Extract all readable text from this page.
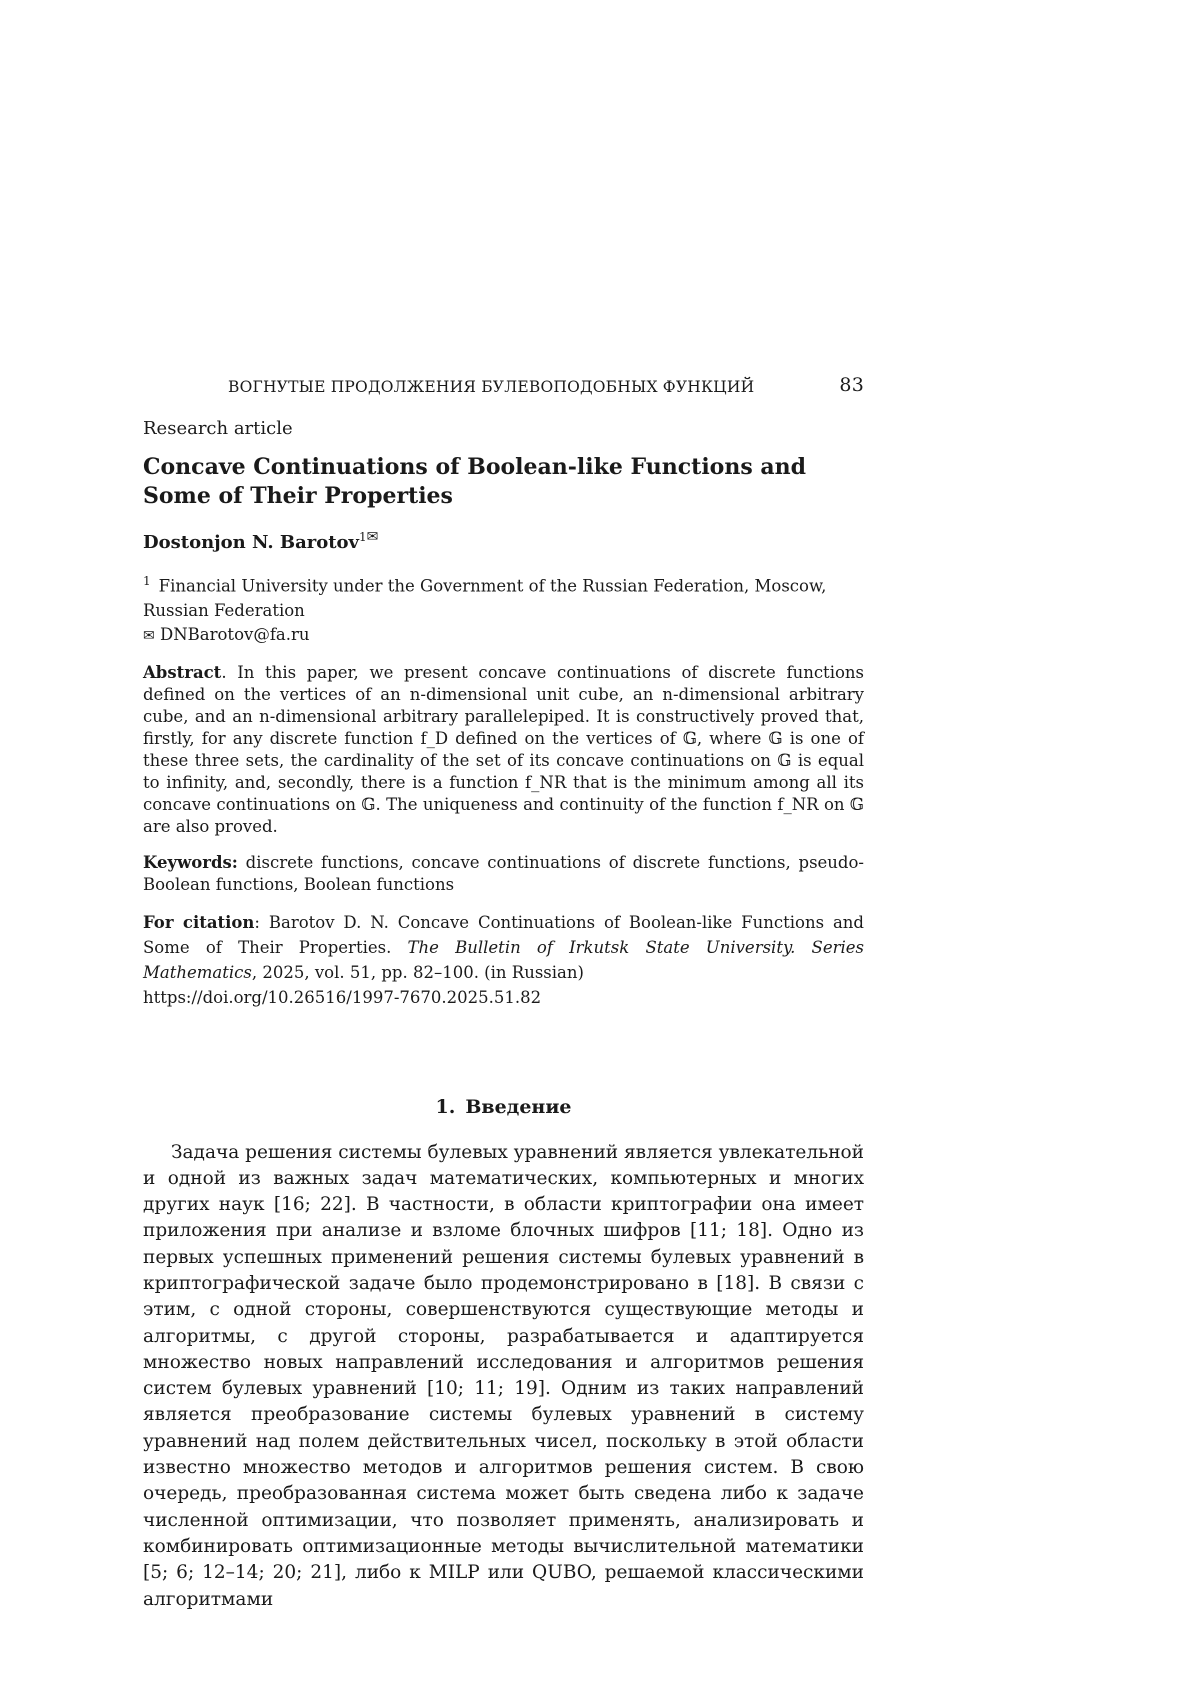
ВОГНУТЫЕ ПРОДОЛЖЕНИЯ БУЛЕВОПОДОБНЫХ ФУНКЦИЙ	83
Research article
Concave Continuations of Boolean-like Functions and Some of Their Properties
Dostonjon N. Barotov$^{1✉}$
$^1$ Financial University under the Government of the Russian Federation, Moscow, Russian Federation
✉ DNBarotov@fa.ru
Abstract. In this paper, we present concave continuations of discrete functions defined on the vertices of an n-dimensional unit cube, an n-dimensional arbitrary cube, and an n-dimensional arbitrary parallelepiped. It is constructively proved that, firstly, for any discrete function f_D defined on the vertices of 𝔾, where 𝔾 is one of these three sets, the cardinality of the set of its concave continuations on 𝔾 is equal to infinity, and, secondly, there is a function f_NR that is the minimum among all its concave continuations on 𝔾. The uniqueness and continuity of the function f_NR on 𝔾 are also proved.
Keywords: discrete functions, concave continuations of discrete functions, pseudo-Boolean functions, Boolean functions
For citation: Barotov D. N. Concave Continuations of Boolean-like Functions and Some of Their Properties. The Bulletin of Irkutsk State University. Series Mathematics, 2025, vol. 51, pp. 82–100. (in Russian)
https://doi.org/10.26516/1997-7670.2025.51.82
1. Введение
Задача решения системы булевых уравнений является увлекательной и одной из важных задач математических, компьютерных и многих других наук [16; 22]. В частности, в области криптографии она имеет приложения при анализе и взломе блочных шифров [11; 18]. Одно из первых успешных применений решения системы булевых уравнений в криптографической задаче было продемонстрировано в [18]. В связи с этим, с одной стороны, совершенствуются существующие методы и алгоритмы, с другой стороны, разрабатывается и адаптируется множество новых направлений исследования и алгоритмов решения систем булевых уравнений [10; 11; 19]. Одним из таких направлений является преобразование системы булевых уравнений в систему уравнений над полем действительных чисел, поскольку в этой области известно множество методов и алгоритмов решения систем. В свою очередь, преобразованная система может быть сведена либо к задаче численной оптимизации, что позволяет применять, анализировать и комбинировать оптимизационные методы вычислительной математики [5; 6; 12–14; 20; 21], либо к MILP или QUBO, решаемой классическими алгоритмами
